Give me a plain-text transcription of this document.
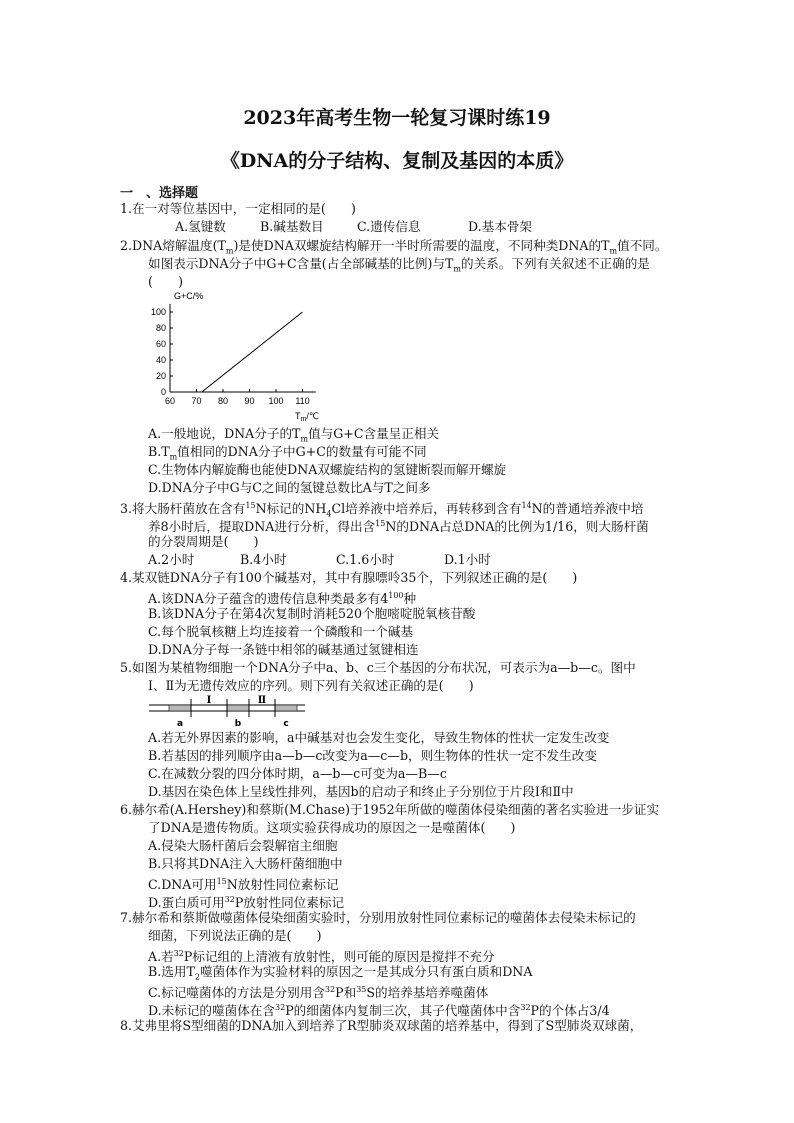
2023年高考生物一轮复习课时练19
《DNA的分子结构、复制及基因的本质》
一　、选择题
1.在一对等位基因中，一定相同的是(　　)
A.氢键数	B.碱基数目	C.遗传信息	D.基本骨架
2.DNA熔解温度$(T_m)$是使DNA双螺旋结构解开一半时所需要的温度，不同种类DNA的$T_m$值不同。
如图表示DNA分子中G+C含量(占全部碱基的比例)与$T_m$的关系。下列有关叙述不正确的是
(　　)
G+C/%
0
20
40
60
80
100
60 70 80 90 100 110
$T_m/℃$
A.一般地说，DNA分子的$T_m$值与G+C含量呈正相关
$B.T_m$值相同的DNA分子中G+C的数量有可能不同
C.生物体内解旋酶也能使DNA双螺旋结构的氢键断裂而解开螺旋
D.DNA分子中G与C之间的氢键总数比A与T之间多
3.将大肠杆菌放在含有$^{15}$N标记的$NH_4Cl$培养液中培养后，再转移到含有$^{14}$N的普通培养液中培
养8小时后，提取DNA进行分析，得出含$^{15}$N的DNA占总DNA的比例为1/16，则大肠杆菌
的分裂周期是(　　)
A.2小时	B.4小时	C.1.6小时	D.1小时
4.某双链DNA分子有100个碱基对，其中有腺嘌呤35个，下列叙述正确的是(　　)
A.该DNA分子蕴含的遗传信息种类最多有$4^{100}$种
B.该DNA分子在第4次复制时消耗520个胞嘧啶脱氧核苷酸
C.每个脱氧核糖上均连接着一个磷酸和一个碱基
D.DNA分子每一条链中相邻的碱基通过氢键相连
5.如图为某植物细胞一个DNA分子中a、b、c三个基因的分布状况，可表示为a—b—c。图中
Ⅰ、Ⅱ为无遗传效应的序列。则下列有关叙述正确的是(　　)
Ⅰ	Ⅱ
a	b	c
A.若无外界因素的影响，a中碱基对也会发生变化，导致生物体的性状一定发生改变
B.若基因的排列顺序由a—b—c改变为a—c—b，则生物体的性状一定不发生改变
C.在减数分裂的四分体时期，a—b—c可变为a—B—c
D.基因在染色体上呈线性排列，基因b的启动子和终止子分别位于片段Ⅰ和Ⅱ中
6.赫尔希(A.Hershey)和蔡斯(M.Chase)于1952年所做的噬菌体侵染细菌的著名实验进一步证实
了DNA是遗传物质。这项实验获得成功的原因之一是噬菌体(　　)
A.侵染大肠杆菌后会裂解宿主细胞
B.只将其DNA注入大肠杆菌细胞中
C.DNA可用$^{15}$N放射性同位素标记
D.蛋白质可用$^{32}$P放射性同位素标记
7.赫尔希和蔡斯做噬菌体侵染细菌实验时，分别用放射性同位素标记的噬菌体去侵染未标记的
细菌，下列说法正确的是(　　)
A.若$^{32}$P标记组的上清液有放射性，则可能的原因是搅拌不充分
B.选用$T_2$噬菌体作为实验材料的原因之一是其成分只有蛋白质和DNA
C.标记噬菌体的方法是分别用含$^{32}$P和$^{35}$S的培养基培养噬菌体
D.未标记的噬菌体在含$^{32}$P的细菌体内复制三次，其子代噬菌体中含$^{32}$P的个体占3/4
8.艾弗里将S型细菌的DNA加入到培养了R型肺炎双球菌的培养基中，得到了S型肺炎双球菌，
